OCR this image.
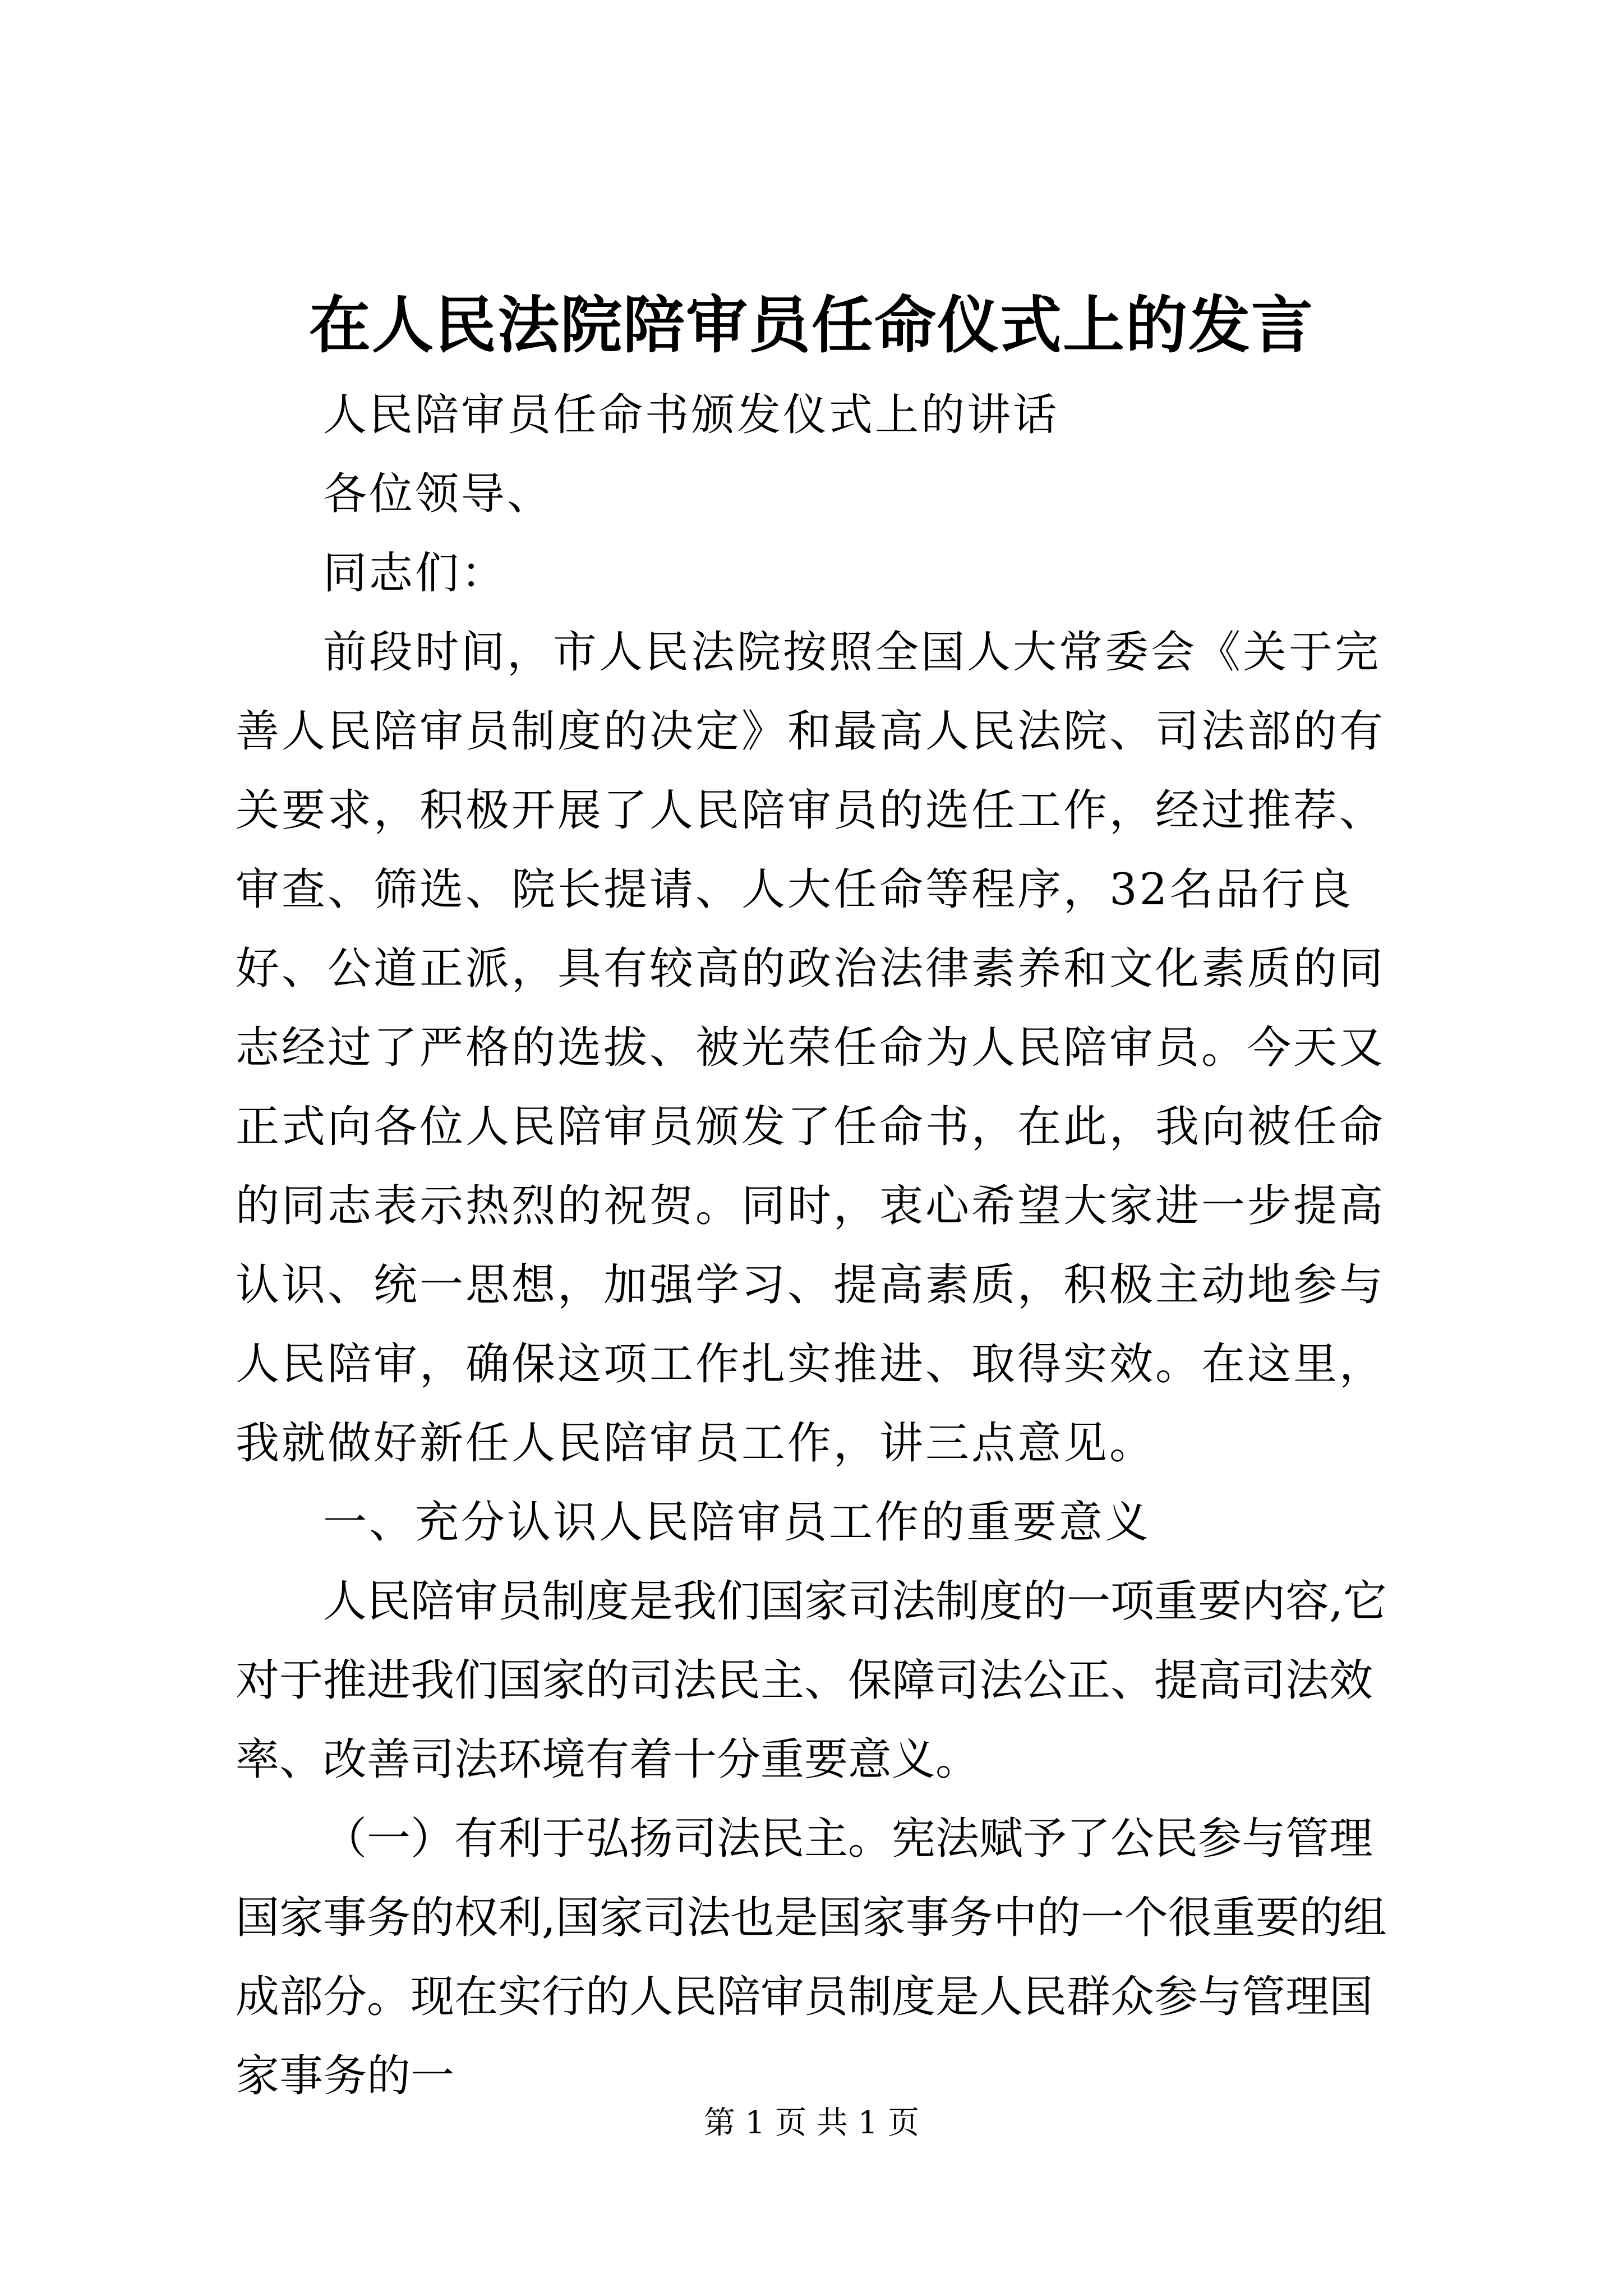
在人民法院陪审员任命仪式上的发言

人民陪审员任命书颁发仪式上的讲话

各位领导、

同志们：

前段时间，市人民法院按照全国人大常委会《关于完善人民陪审员制度的决定》和最高人民法院、司法部的有关要求，积极开展了人民陪审员的选任工作，经过推荐、审查、筛选、院长提请、人大任命等程序，32名品行良好、公道正派，具有较高的政治法律素养和文化素质的同志经过了严格的选拔、被光荣任命为人民陪审员。今天又正式向各位人民陪审员颁发了任命书，在此，我向被任命的同志表示热烈的祝贺。同时，衷心希望大家进一步提高认识、统一思想，加强学习、提高素质，积极主动地参与人民陪审，确保这项工作扎实推进、取得实效。在这里，我就做好新任人民陪审员工作，讲三点意见。

一、充分认识人民陪审员工作的重要意义

人民陪审员制度是我们国家司法制度的一项重要内容,它对于推进我们国家的司法民主、保障司法公正、提高司法效率、改善司法环境有着十分重要意义。

（一）有利于弘扬司法民主。宪法赋予了公民参与管理国家事务的权利,国家司法也是国家事务中的一个很重要的组成部分。现在实行的人民陪审员制度是人民群众参与管理国家事务的一

第 1 页 共 1 页
